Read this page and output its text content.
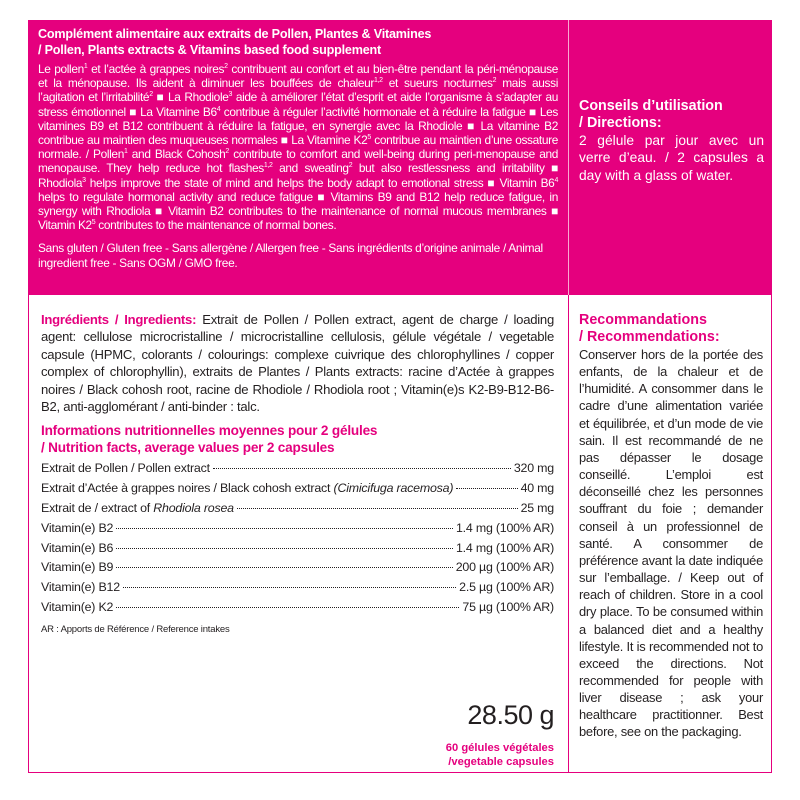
Complément alimentaire aux extraits de Pollen, Plantes & Vitamines
/ Pollen, Plants extracts & Vitamins based food supplement
Le pollen$^1$ et l’actée à grappes noires$^2$ contribuent au confort et au bien-être pendant la péri-ménopause et la ménopause. Ils aident à diminuer les bouffées de chaleur$^{1,2}$ et sueurs nocturnes$^2$ mais aussi l’agitation et l’irritabilité$^2$ ■ La Rhodiole$^3$ aide à améliorer l’état d’esprit et aide l’organisme à s’adapter au stress émotionnel ■ La Vitamine $B6^4$ contribue à réguler l’activité hormonale et à réduire la fatigue ■ Les vitamines B9 et B12 contribuent à réduire la fatigue, en synergie avec la Rhodiole ■ La vitamine B2 contribue au maintien des muqueuses normales ■ La Vitamine $K2^5$ contribue au maintien d’une ossature normale. / Pollen$^1$ and Black Cohosh$^2$ contribute to comfort and well-being during peri-menopause and menopause. They help reduce hot flashes$^{1,2}$ and sweating$^2$ but also restlessness and irritability ■ Rhodiola$^3$ helps improve the state of mind and helps the body adapt to emotional stress ■ Vitamin $B6^4$ helps to regulate hormonal activity and reduce fatigue ■ Vitamins B9 and B12 help reduce fatigue, in synergy with Rhodiola ■ Vitamin B2 contributes to the maintenance of normal mucous membranes ■ Vitamin $K2^5$ contributes to the maintenance of normal bones.
Sans gluten / Gluten free - Sans allergène / Allergen free - Sans ingrédients d’origine animale / Animal ingredient free - Sans OGM / GMO free.
Conseils d’utilisation
/ Directions:
2 gélule par jour avec un verre d’eau. / 2 capsules a day with a glass of water.
Ingrédients / Ingredients: Extrait de Pollen / Pollen extract, agent de charge / loading agent: cellulose microcristalline / microcristalline cellulosis, gélule végétale / vegetable capsule (HPMC, colorants / colourings: complexe cuivrique des chlorophyllines / copper complex of chlorophyllin), extraits de Plantes / Plants extracts: racine d’Actée à grappes noires / Black cohosh root, racine de Rhodiole / Rhodiola root ; Vitamin(e)s K2-B9-B12-B6-B2, anti-agglomérant / anti-binder : talc.
Informations nutritionnelles moyennes pour 2 gélules
/ Nutrition facts, average values per 2 capsules
Extrait de Pollen / Pollen extract	320 mg
Extrait d’Actée à grappes noires / Black cohosh extract (Cimicifuga racemosa)	40 mg
Extrait de / extract of Rhodiola rosea	25 mg
Vitamin(e) B2	1.4 mg (100% AR)
Vitamin(e) B6	1.4 mg (100% AR)
Vitamin(e) B9	200 µg (100% AR)
Vitamin(e) B12	2.5 µg (100% AR)
Vitamin(e) K2	75 µg (100% AR)
AR : Apports de Référence / Reference intakes
28.50 g
60 gélules végétales
/vegetable capsules
Recommandations
/ Recommendations:
Conserver hors de la portée des enfants, de la chaleur et de l’humidité. A consommer dans le cadre d’une alimentation variée et équilibrée, et d’un mode de vie sain. Il est recommandé de ne pas dépasser le dosage conseillé. L’emploi est déconseillé chez les personnes souffrant du foie ; demander conseil à un professionnel de santé. A consommer de préférence avant la date indiquée sur l’emballage. / Keep out of reach of children. Store in a cool dry place. To be consumed within a balanced diet and a healthy lifestyle. It is recommended not to exceed the directions. Not recommended for people with liver disease ; ask your healthcare practitionner. Best before, see on the packaging.
